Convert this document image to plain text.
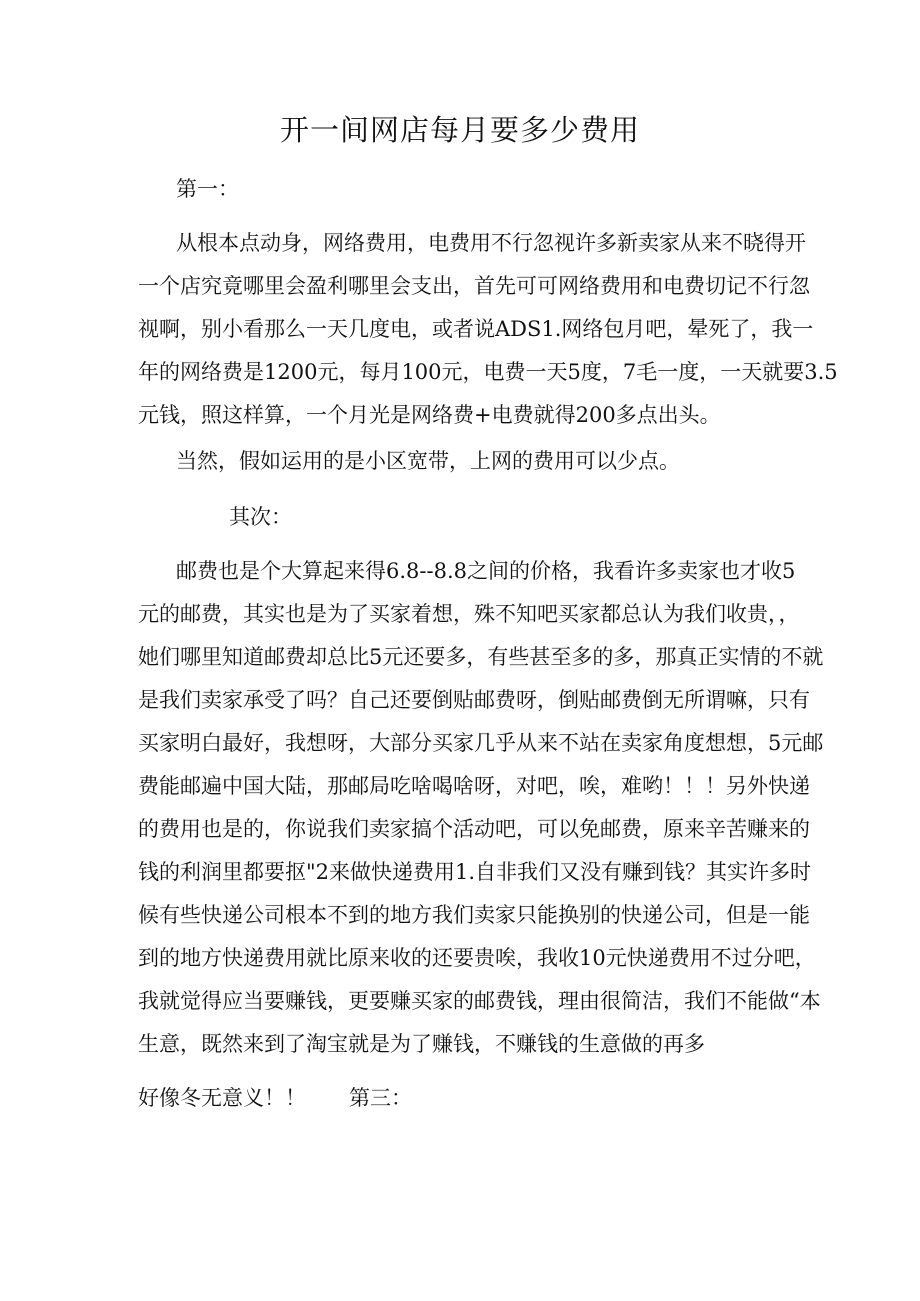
开一间网店每月要多少费用

第一：

从根本点动身，网络费用，电费用不行忽视许多新卖家从来不晓得开

一个店究竟哪里会盈利哪里会支出，首先可可网络费用和电费切记不行忽

视啊，别小看那么一天几度电，或者说ADS1.网络包月吧，晕死了，我一

年的网络费是1200元，每月100元，电费一天5度，7毛一度，一天就要3.5

元钱，照这样算，一个月光是网络费+电费就得200多点出头。

当然，假如运用的是小区宽带，上网的费用可以少点。

其次：

邮费也是个大算起来得6.8--8.8之间的价格，我看许多卖家也才收5

元的邮费，其实也是为了买家着想，殊不知吧买家都总认为我们收贵，，

她们哪里知道邮费却总比5元还要多，有些甚至多的多，那真正实情的不就

是我们卖家承受了吗？自己还要倒贴邮费呀，倒贴邮费倒无所谓嘛，只有

买家明白最好，我想呀，大部分买家几乎从来不站在卖家角度想想，5元邮

费能邮遍中国大陆，那邮局吃啥喝啥呀，对吧，唉，难哟！！！另外快递

的费用也是的，你说我们卖家搞个活动吧，可以免邮费，原来辛苦赚来的

钱的利润里都要抠"2来做快递费用1.自非我们又没有赚到钱？其实许多时

候有些快递公司根本不到的地方我们卖家只能换别的快递公司，但是一能

到的地方快递费用就比原来收的还要贵唉，我收10元快递费用不过分吧，

我就觉得应当要赚钱，更要赚买家的邮费钱，理由很简洁，我们不能做“本

生意，既然来到了淘宝就是为了赚钱，不赚钱的生意做的再多

好像冬无意义！！ 第三：
